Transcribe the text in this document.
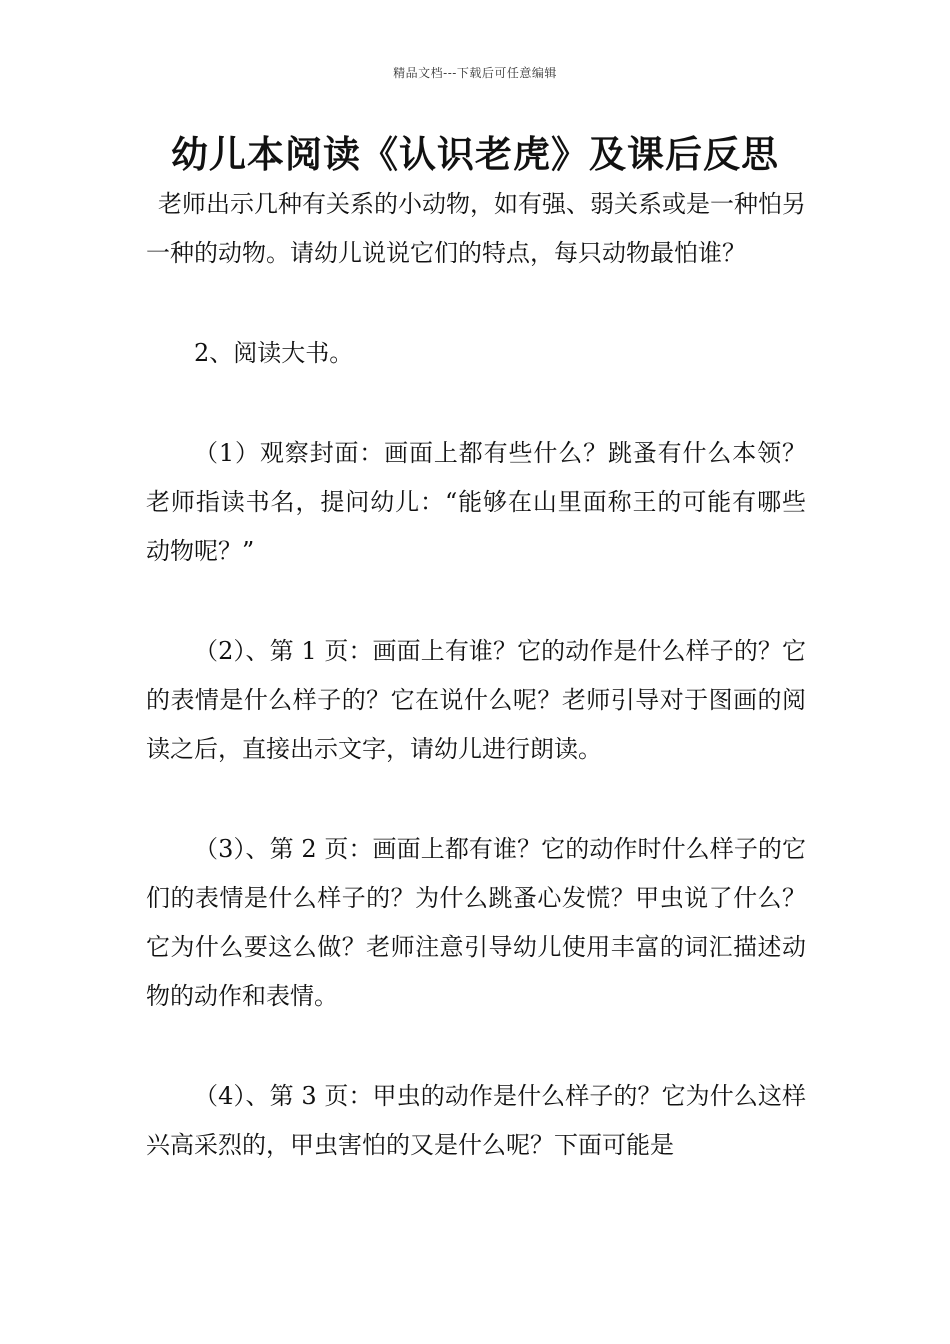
精品文档---下载后可任意编辑
幼儿本阅读《认识老虎》及课后反思

老师出示几种有关系的小动物，如有强、弱关系或是一种怕另一种的动物。请幼儿说说它们的特点，每只动物最怕谁？

2、阅读大书。

（1）观察封面：画面上都有些什么？跳蚤有什么本领？老师指读书名，提问幼儿：“能够在山里面称王的可能有哪些动物呢？”

（2）、第 1 页：画面上有谁？它的动作是什么样子的？它的表情是什么样子的？它在说什么呢？老师引导对于图画的阅读之后，直接出示文字，请幼儿进行朗读。

（3）、第 2 页：画面上都有谁？它的动作时什么样子的它们的表情是什么样子的？为什么跳蚤心发慌？甲虫说了什么？它为什么要这么做？老师注意引导幼儿使用丰富的词汇描述动物的动作和表情。

（4）、第 3 页：甲虫的动作是什么样子的？它为什么这样兴高采烈的，甲虫害怕的又是什么呢？下面可能是
